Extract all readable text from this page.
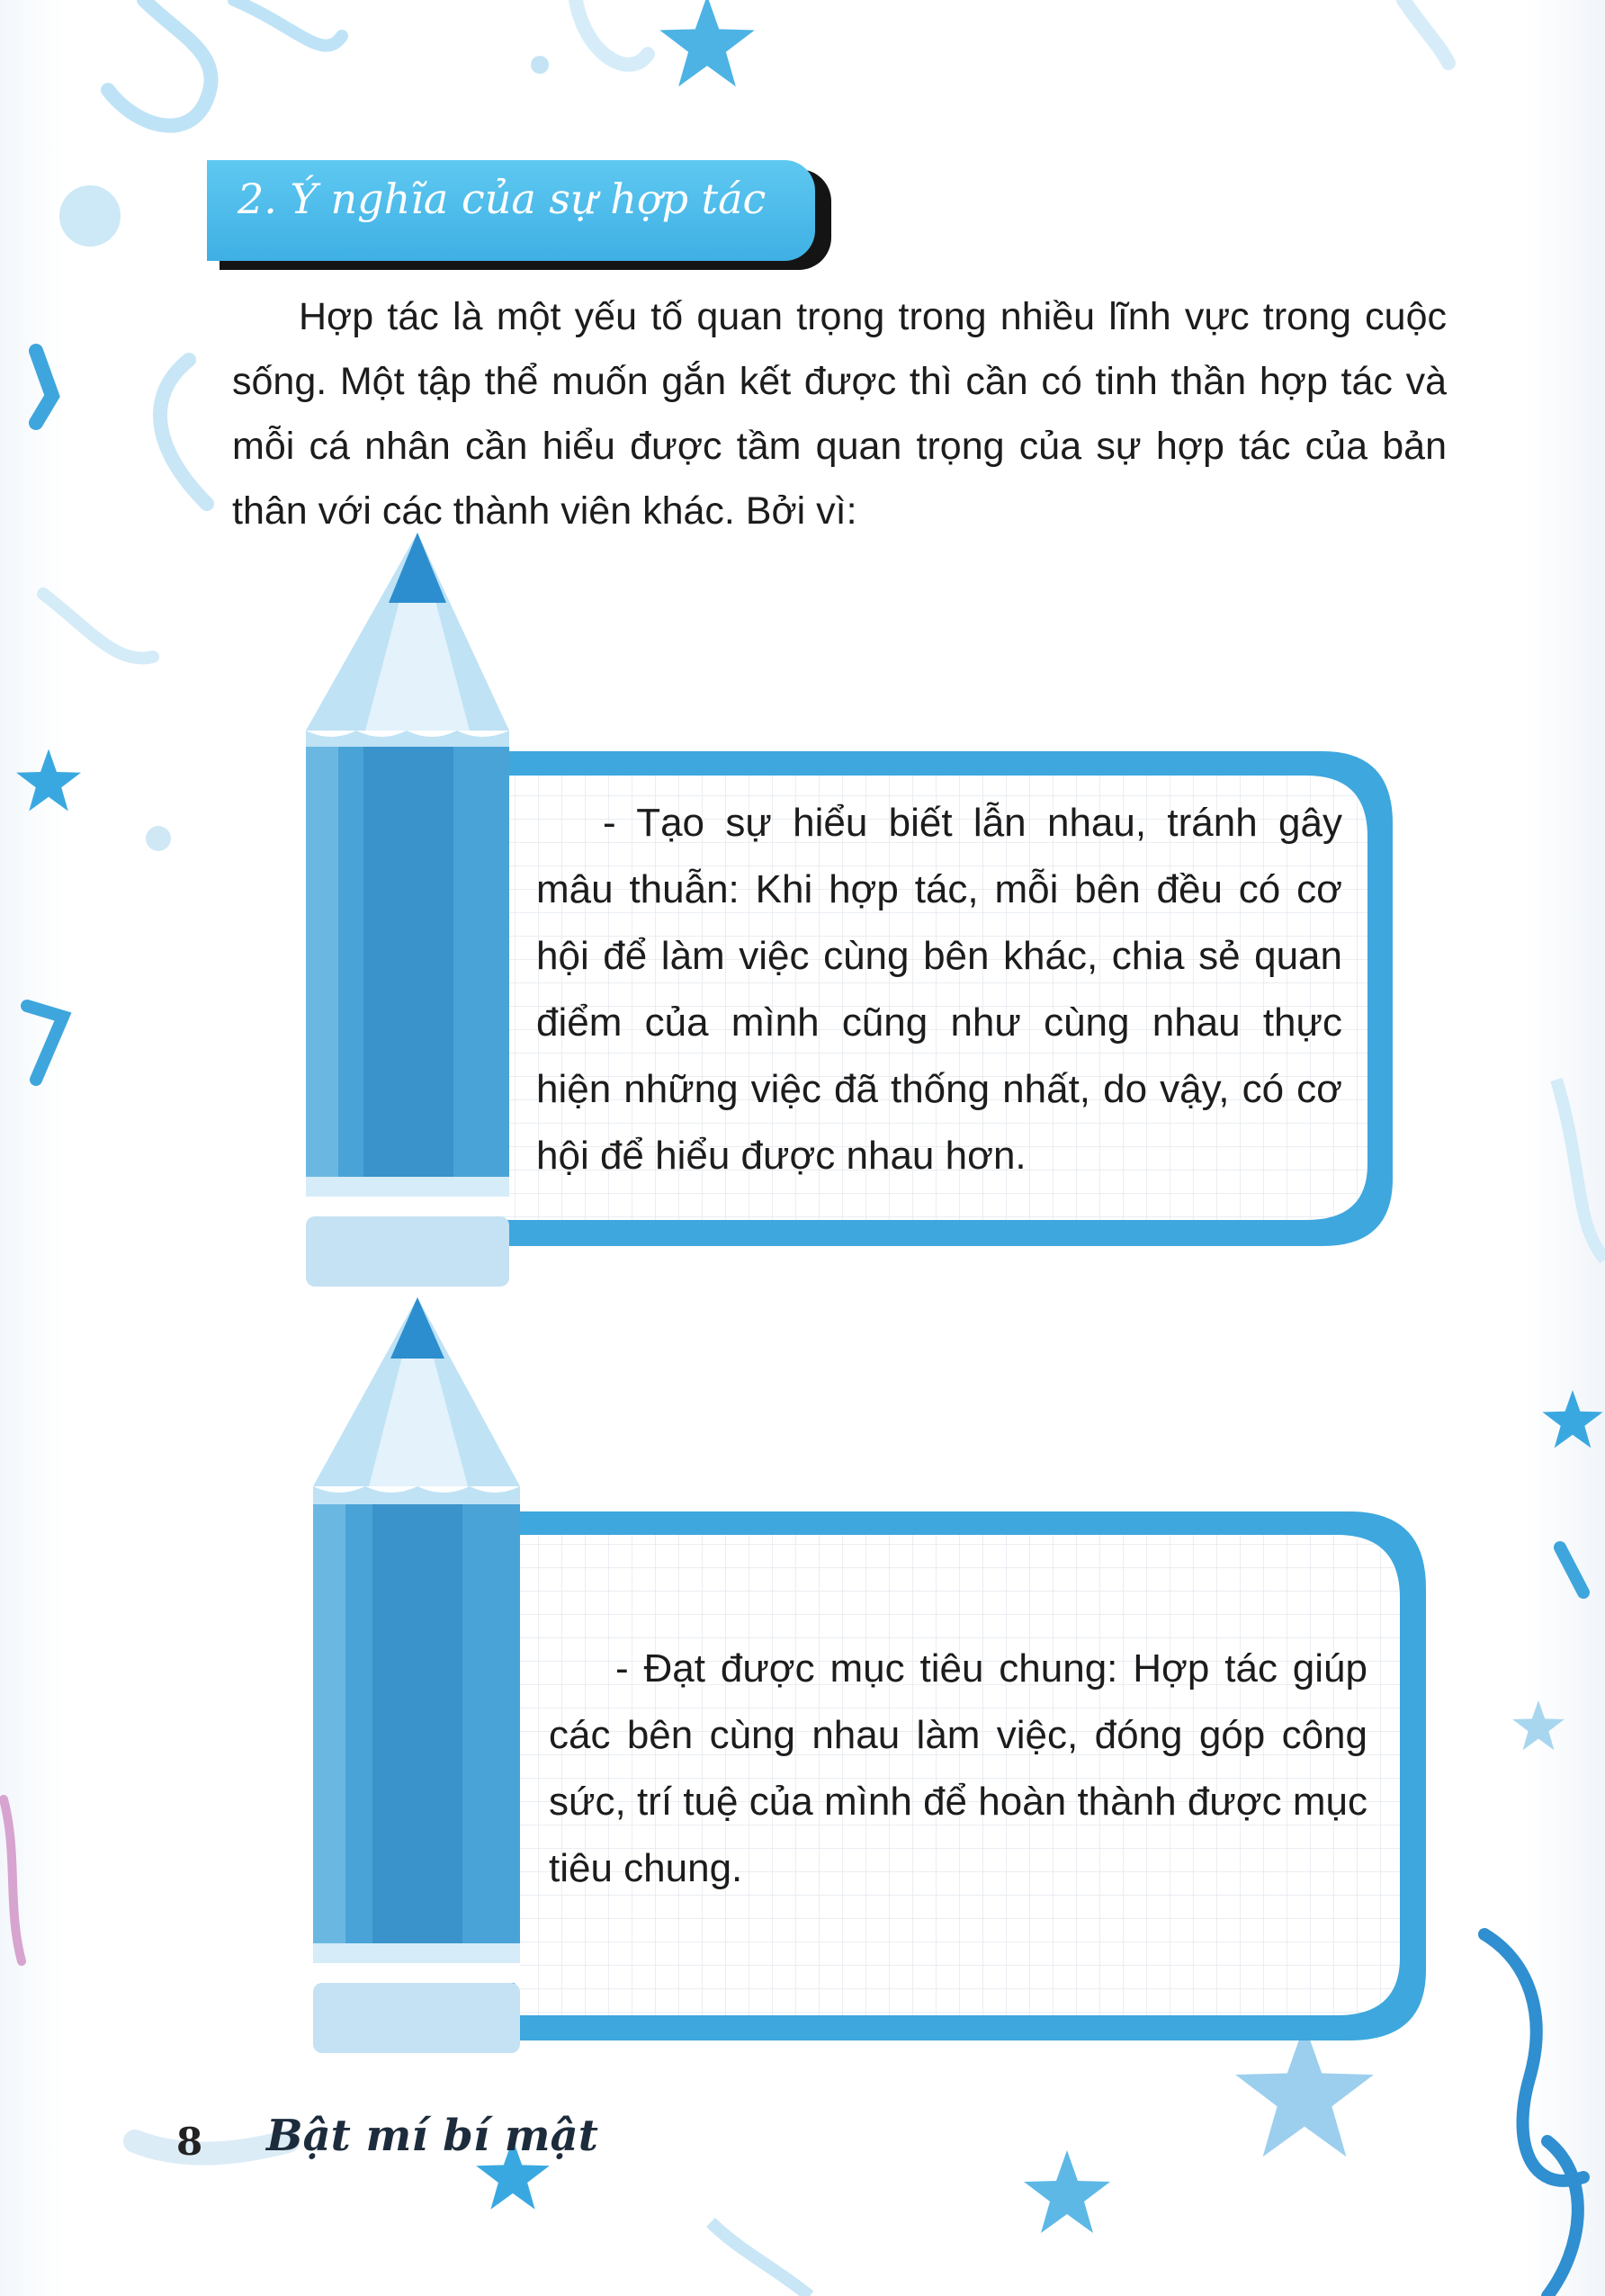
2. Ý nghĩa của sự hợp tác

Hợp tác là một yếu tố quan trọng trong nhiều lĩnh vực trong cuộc sống. Một tập thể muốn gắn kết được thì cần có tinh thần hợp tác và mỗi cá nhân cần hiểu được tầm quan trọng của sự hợp tác của bản thân với các thành viên khác. Bởi vì:

- Tạo sự hiểu biết lẫn nhau, tránh gây mâu thuẫn: Khi hợp tác, mỗi bên đều có cơ hội để làm việc cùng bên khác, chia sẻ quan điểm của mình cũng như cùng nhau thực hiện những việc đã thống nhất, do vậy, có cơ hội để hiểu được nhau hơn.

- Đạt được mục tiêu chung: Hợp tác giúp các bên cùng nhau làm việc, đóng góp công sức, trí tuệ của mình để hoàn thành được mục tiêu chung.

8 Bật mí bí mật
